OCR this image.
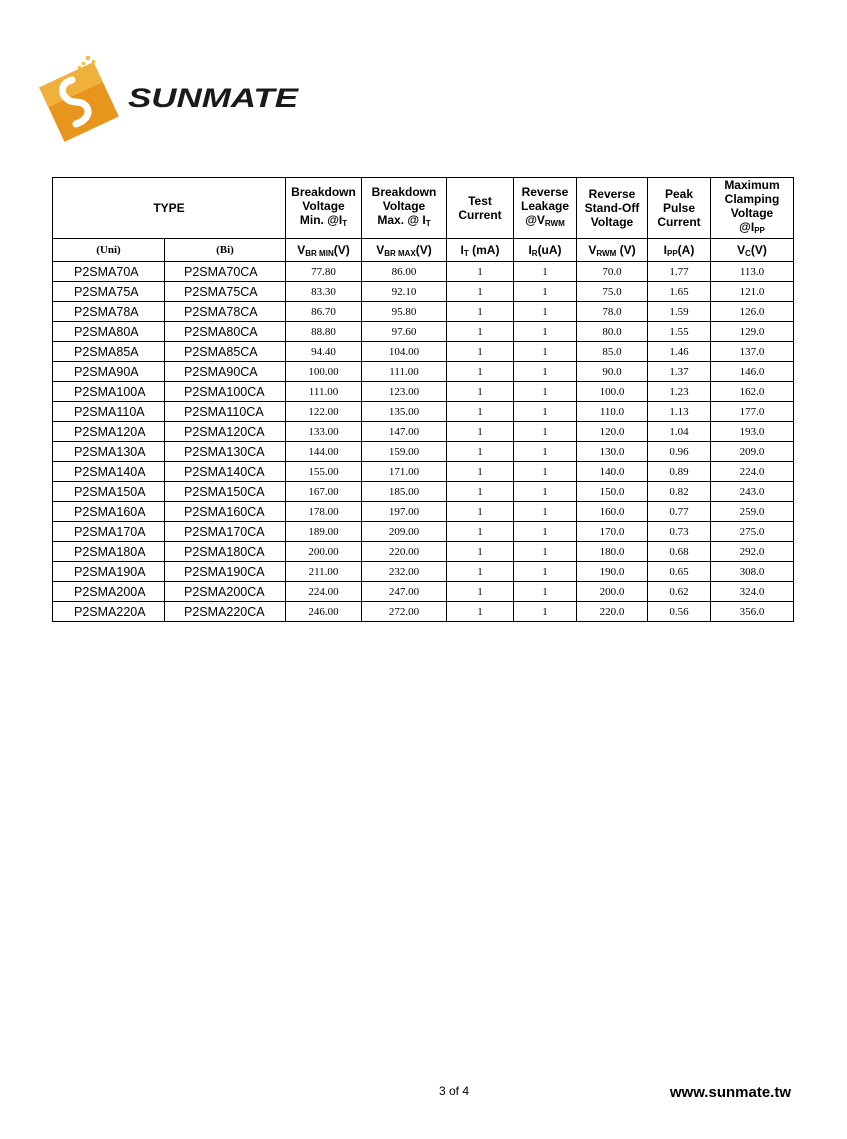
SUNMATE
TYPE		Breakdown
Voltage
Min. $@I_T$	Breakdown
Voltage
Max. @ $I_T$	Test
Current	Reverse
Leakage
$@V_{RWM}$	Reverse
Stand-Off
Voltage	Peak
Pulse
Current	Maximum
Clamping
Voltage
$@I_{PP}$
(Uni)	(Bi)	$V_{BR MIN}(V)$	$V_{BR MAX}(V)$	$I_T$ (mA)	$I_R(uA)$	$V_{RWM}$ (V)	$I_{PP}(A)$	$V_C(V)$
P2SMA70A	P2SMA70CA	77.80	86.00	1	1	70.0	1.77	113.0
P2SMA75A	P2SMA75CA	83.30	92.10	1	1	75.0	1.65	121.0
P2SMA78A	P2SMA78CA	86.70	95.80	1	1	78.0	1.59	126.0
P2SMA80A	P2SMA80CA	88.80	97.60	1	1	80.0	1.55	129.0
P2SMA85A	P2SMA85CA	94.40	104.00	1	1	85.0	1.46	137.0
P2SMA90A	P2SMA90CA	100.00	111.00	1	1	90.0	1.37	146.0
P2SMA100A	P2SMA100CA	111.00	123.00	1	1	100.0	1.23	162.0
P2SMA110A	P2SMA110CA	122.00	135.00	1	1	110.0	1.13	177.0
P2SMA120A	P2SMA120CA	133.00	147.00	1	1	120.0	1.04	193.0
P2SMA130A	P2SMA130CA	144.00	159.00	1	1	130.0	0.96	209.0
P2SMA140A	P2SMA140CA	155.00	171.00	1	1	140.0	0.89	224.0
P2SMA150A	P2SMA150CA	167.00	185.00	1	1	150.0	0.82	243.0
P2SMA160A	P2SMA160CA	178.00	197.00	1	1	160.0	0.77	259.0
P2SMA170A	P2SMA170CA	189.00	209.00	1	1	170.0	0.73	275.0
P2SMA180A	P2SMA180CA	200.00	220.00	1	1	180.0	0.68	292.0
P2SMA190A	P2SMA190CA	211.00	232.00	1	1	190.0	0.65	308.0
P2SMA200A	P2SMA200CA	224.00	247.00	1	1	200.0	0.62	324.0
P2SMA220A	P2SMA220CA	246.00	272.00	1	1	220.0	0.56	356.0
3 of 4	www.sunmate.tw
